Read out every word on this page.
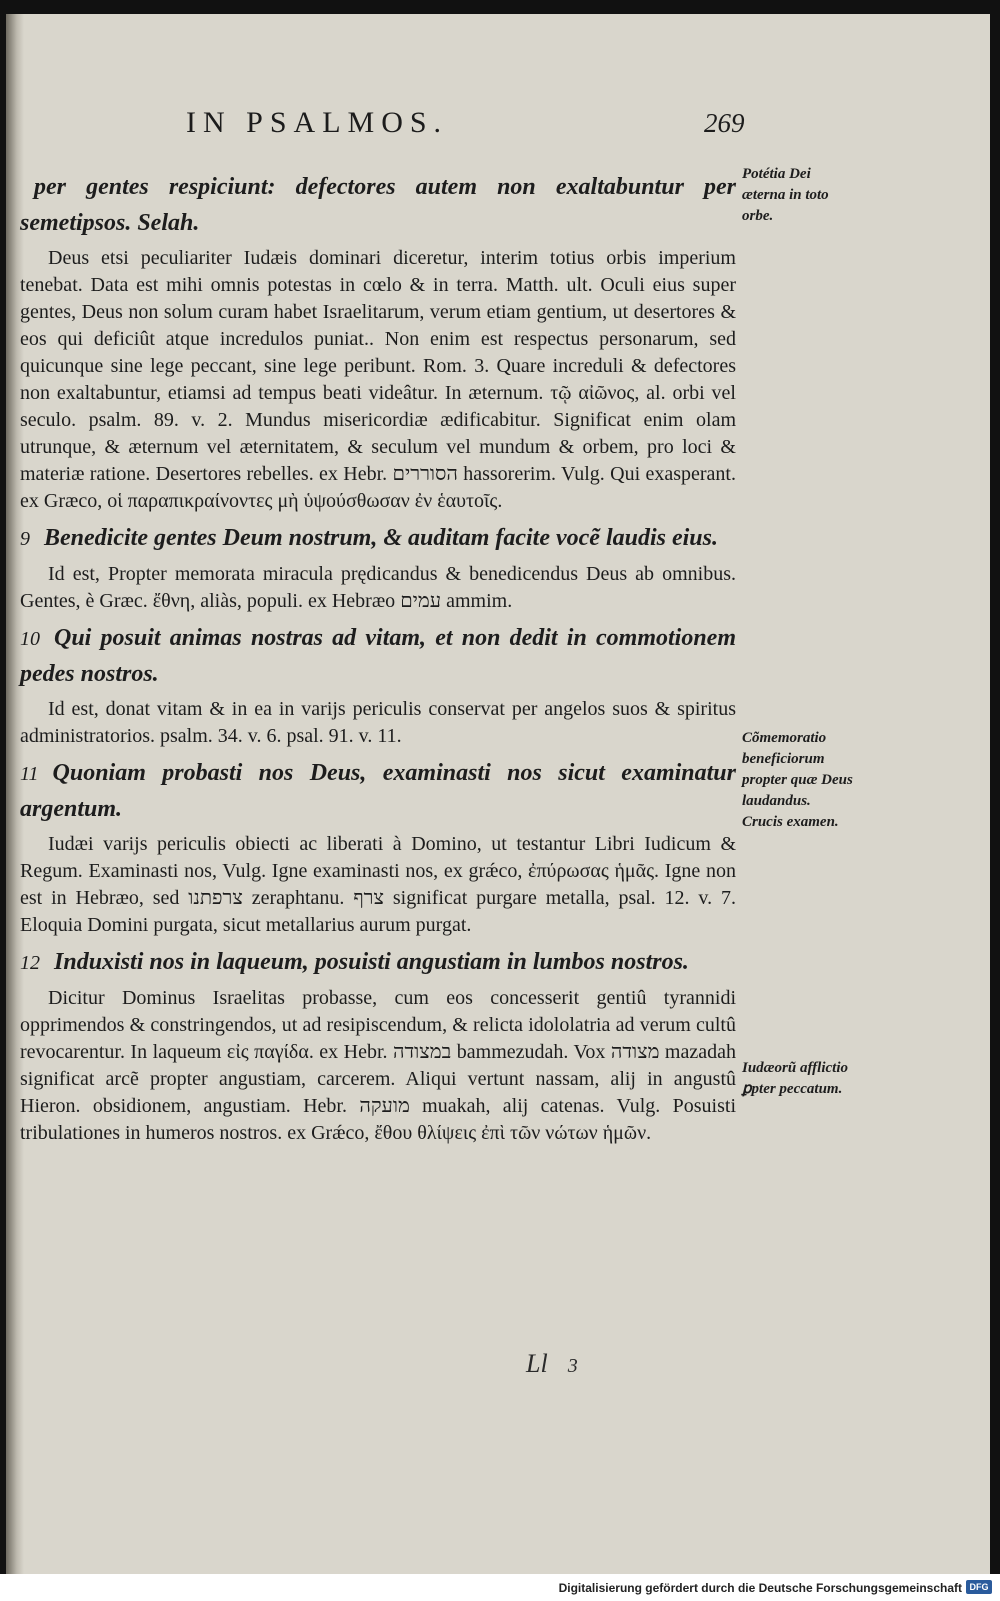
IN PSALMOS.	269
per gentes respiciunt: defectores autem non exaltabuntur per semetipsos. Selah.
Deus etsi peculiariter Iudæis dominari diceretur, interim totius orbis imperium tenebat. Data est mihi omnis potestas in cœlo & in terra. Matth. ult. Oculi eius super gentes, Deus non solum curam habet Israelitarum, verum etiam gentium, ut desertores & eos qui deficiût atque incredulos puniat.. Non enim est respectus personarum, sed quicunque sine lege peccant, sine lege peribunt. Rom. 3. Quare increduli & defectores non exaltabuntur, etiamsi ad tempus beati videâtur. In æternum. τῷ αἰῶνος, al. orbi vel seculo. psalm. 89. v. 2. Mundus misericordiæ ædificabitur. Significat enim olam utrunque, & æternum vel æternitatem, & seculum vel mundum & orbem, pro loci & materiæ ratione. Desertores rebelles. ex Hebr. הסוררים hassorerim. Vulg. Qui exasperant. ex Græco, οἱ παραπικραίνοντες μὴ ὑψούσθωσαν ἐν ἑαυτοῖς.
9 Benedicite gentes Deum nostrum, & auditam facite vocẽ laudis eius.
Id est, Propter memorata miracula prędicandus & benedicendus Deus ab omnibus. Gentes, è Græc. ἔθνη, aliàs, populi. ex Hebræo עמים ammim.
10 Qui posuit animas nostras ad vitam, et non dedit in commotionem pedes nostros.
Id est, donat vitam & in ea in varijs periculis conservat per angelos suos & spiritus administratorios. psalm. 34. v. 6. psal. 91. v. 11.
11 Quoniam probasti nos Deus, examinasti nos sicut examinatur argentum.
Iudæi varijs periculis obiecti ac liberati à Domino, ut testantur Libri Iudicum & Regum. Examinasti nos, Vulg. Igne examinasti nos, ex grǽco, ἐπύρωσας ἡμᾶς. Igne non est in Hebræo, sed צרפתנו zeraphtanu. צרף significat purgare metalla, psal. 12. v. 7. Eloquia Domini purgata, sicut metallarius aurum purgat.
12 Induxisti nos in laqueum, posuisti angustiam in lumbos nostros.
Dicitur Dominus Israelitas probasse, cum eos concesserit gentiû tyrannidi opprimendos & constringendos, ut ad resipiscendum, & relicta idololatria ad verum cultû revocarentur. In laqueum εἰς παγίδα. ex Hebr. במצודה bammezudah. Vox מצודה mazadah significat arcẽ propter angustiam, carcerem. Aliqui vertunt nassam, alij in angustû Hieron. obsidionem, angustiam. Hebr. מועקה muakah, alij catenas. Vulg. Posuisti tribulationes in humeros nostros. ex Grǽco, ἔθου θλίψεις ἐπὶ τῶν νώτων ἡμῶν.
Potétia Dei æterna in toto orbe.
Cõmemoratio beneficiorum propter quæ Deus laudandus. Crucis examen.
Iudæorũ afflictio ꝑpter peccatum.
Ll 3
Digitalisierung gefördert durch die Deutsche Forschungsgemeinschaft DFG
